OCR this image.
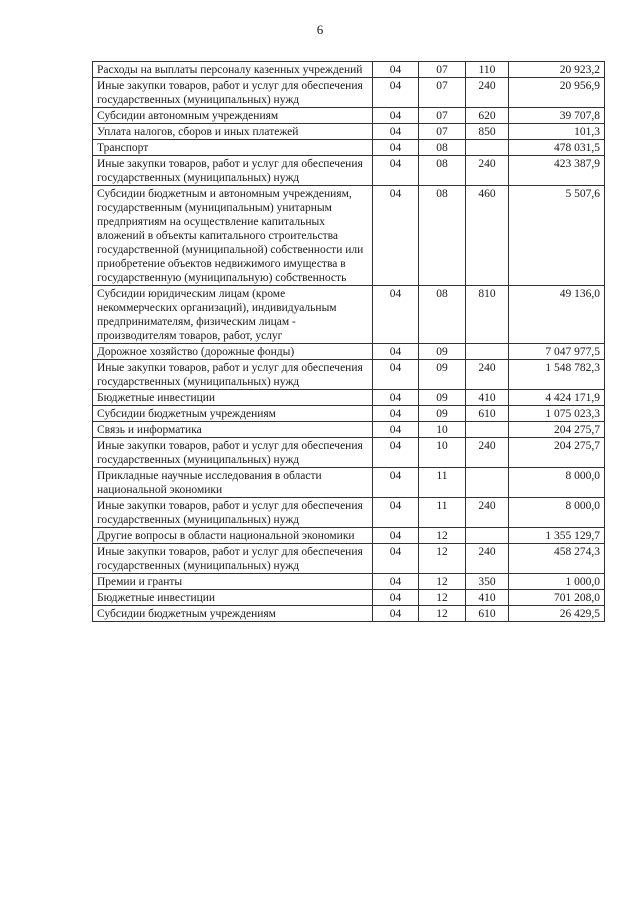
6
Расходы на выплаты персоналу казенных учреждений	04	07	110	20 923,2
Иные закупки товаров, работ и услуг для обеспечения государственных (муниципальных) нужд	04	07	240	20 956,9
Субсидии автономным учреждениям	04	07	620	39 707,8
Уплата налогов, сборов и иных платежей	04	07	850	101,3
Транспорт	04	08		478 031,5
Иные закупки товаров, работ и услуг для обеспечения государственных (муниципальных) нужд	04	08	240	423 387,9
Субсидии бюджетным и автономным учреждениям, государственным (муниципальным) унитарным предприятиям на осуществление капитальных вложений в объекты капитального строительства государственной (муниципальной) собственности или приобретение объектов недвижимого имущества в государственную (муниципальную) собственность	04	08	460	5 507,6
Субсидии юридическим лицам (кроме некоммерческих организаций), индивидуальным предпринимателям, физическим лицам - производителям товаров, работ, услуг	04	08	810	49 136,0
Дорожное хозяйство (дорожные фонды)	04	09		7 047 977,5
Иные закупки товаров, работ и услуг для обеспечения государственных (муниципальных) нужд	04	09	240	1 548 782,3
Бюджетные инвестиции	04	09	410	4 424 171,9
Субсидии бюджетным учреждениям	04	09	610	1 075 023,3
Связь и информатика	04	10		204 275,7
Иные закупки товаров, работ и услуг для обеспечения государственных (муниципальных) нужд	04	10	240	204 275,7
Прикладные научные исследования в области национальной экономики	04	11		8 000,0
Иные закупки товаров, работ и услуг для обеспечения государственных (муниципальных) нужд	04	11	240	8 000,0
Другие вопросы в области национальной экономики	04	12		1 355 129,7
Иные закупки товаров, работ и услуг для обеспечения государственных (муниципальных) нужд	04	12	240	458 274,3
Премии и гранты	04	12	350	1 000,0
Бюджетные инвестиции	04	12	410	701 208,0
Субсидии бюджетным учреждениям	04	12	610	26 429,5
